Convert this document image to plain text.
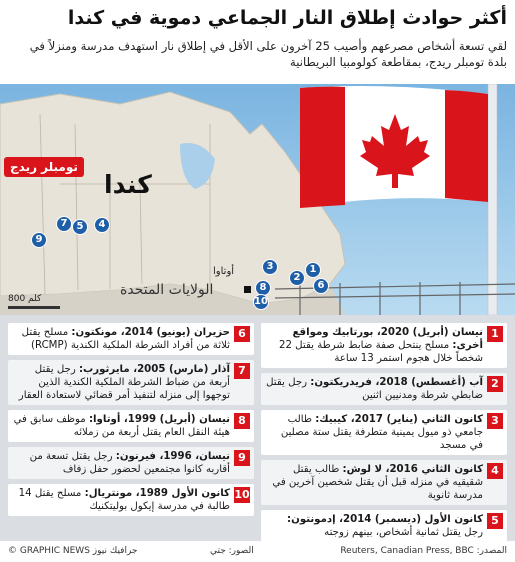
أكثر حوادث إطلاق النار الجماعي دموية في كندا
لقي تسعة أشخاص مصرعهم وأصيب 25 آخرون على الأقل في إطلاق نار استهدف مدرسة ومنزلاً في بلدة تومبلر ريدج، بمقاطعة كولومبيا البريطانية
كندا
الولايات المتحدة
أوتاوا
تومبلر ريدج
9
7 5	4
6
1
2
3
8
10
800 كلم
1
نيسان (أبريل) 2020، بورتابيك ومواقع أخرى: مسلح ينتحل صفة ضابط شرطة يقتل 22 شخصاً خلال هجوم استمر 13 ساعة
2
آب (أغسطس) 2018، فريدريكتون: رجل يقتل ضابطي شرطة ومدنيين اثنين
3
كانون الثاني (يناير) 2017، كيبيك: طالب جامعي ذو ميول يمينية متطرفة يقتل ستة مصلين في مسجد
4
كانون الثاني 2016، لا لوش: طالب يقتل شقيقيه في منزله قبل أن يقتل شخصين آخرين في مدرسة ثانوية
5
كانون الأول (ديسمبر) 2014، إدمونتون: رجل يقتل ثمانية أشخاص، بينهم زوجته
6
حزيران (يونيو) 2014، مونكتون: مسلح يقتل ثلاثة من أفراد الشرطة الملكية الكندية (RCMP)
7
آذار (مارس) 2005، مايرثورب: رجل يقتل أربعة من ضباط الشرطة الملكية الكندية الذين توجهوا إلى منزله لتنفيذ أمر قضائي لاستعادة العقار
8
نيسان (أبريل) 1999، أوتاوا: موظف سابق في هيئة النقل العام يقتل أربعة من زملائه
9
نيسان، 1996، فيرنون: رجل يقتل تسعة من أقاربه كانوا مجتمعين لحضور حفل زفاف
10
كانون الأول 1989، مونتريال: مسلح يقتل 14 طالبة في مدرسة إيكول بوليتكنيك
المصدر: Reuters, Canadian Press, BBC
الصور: جتي
© GRAPHIC NEWS جرافيك نيوز
